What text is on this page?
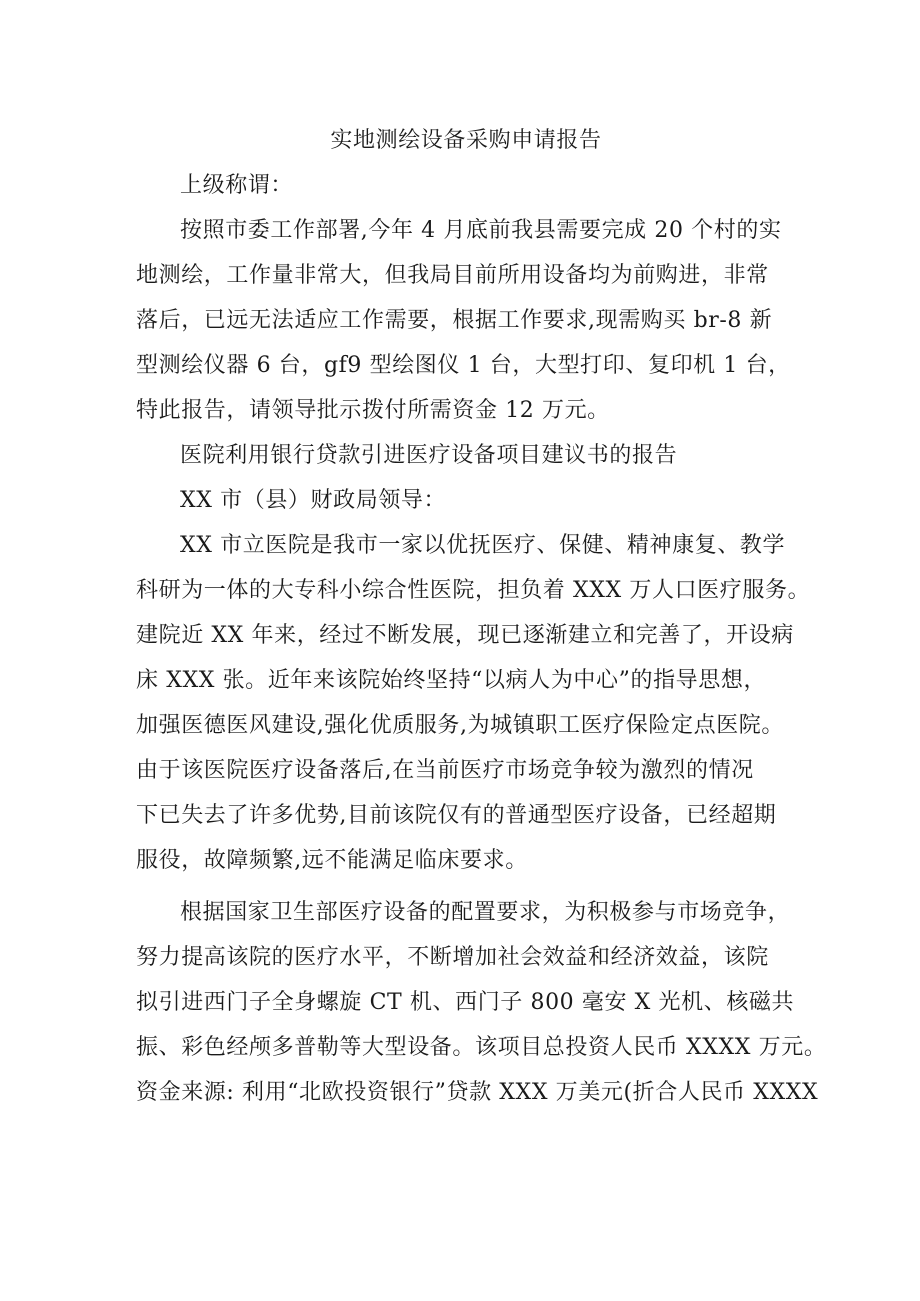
实地测绘设备采购申请报告

上级称谓：

按照市委工作部署,今年 4 月底前我县需要完成 20 个村的实
地测绘，工作量非常大，但我局目前所用设备均为前购进，非常
落后，已远无法适应工作需要，根据工作要求,现需购买 br-8 新
型测绘仪器 6 台，gf9 型绘图仪 1 台，大型打印、复印机 1 台，
特此报告，请领导批示拨付所需资金 12 万元。

医院利用银行贷款引进医疗设备项目建议书的报告

XX 市（县）财政局领导：

XX 市立医院是我市一家以优抚医疗、保健、精神康复、教学
科研为一体的大专科小综合性医院，担负着 XXX 万人口医疗服务。
建院近 XX 年来，经过不断发展，现已逐渐建立和完善了，开设病
床 XXX 张。近年来该院始终坚持“以病人为中心”的指导思想，
加强医德医风建设,强化优质服务,为城镇职工医疗保险定点医院。
由于该医院医疗设备落后,在当前医疗市场竞争较为激烈的情况
下已失去了许多优势,目前该院仅有的普通型医疗设备，已经超期
服役，故障频繁,远不能满足临床要求。

根据国家卫生部医疗设备的配置要求，为积极参与市场竞争，
努力提高该院的医疗水平，不断增加社会效益和经济效益，该院
拟引进西门子全身螺旋 CT 机、西门子 800 毫安 X 光机、核磁共
振、彩色经颅多普勒等大型设备。该项目总投资人民币 XXXX 万元。
资金来源: 利用“北欧投资银行”贷款 XXX 万美元(折合人民币 XXXX
